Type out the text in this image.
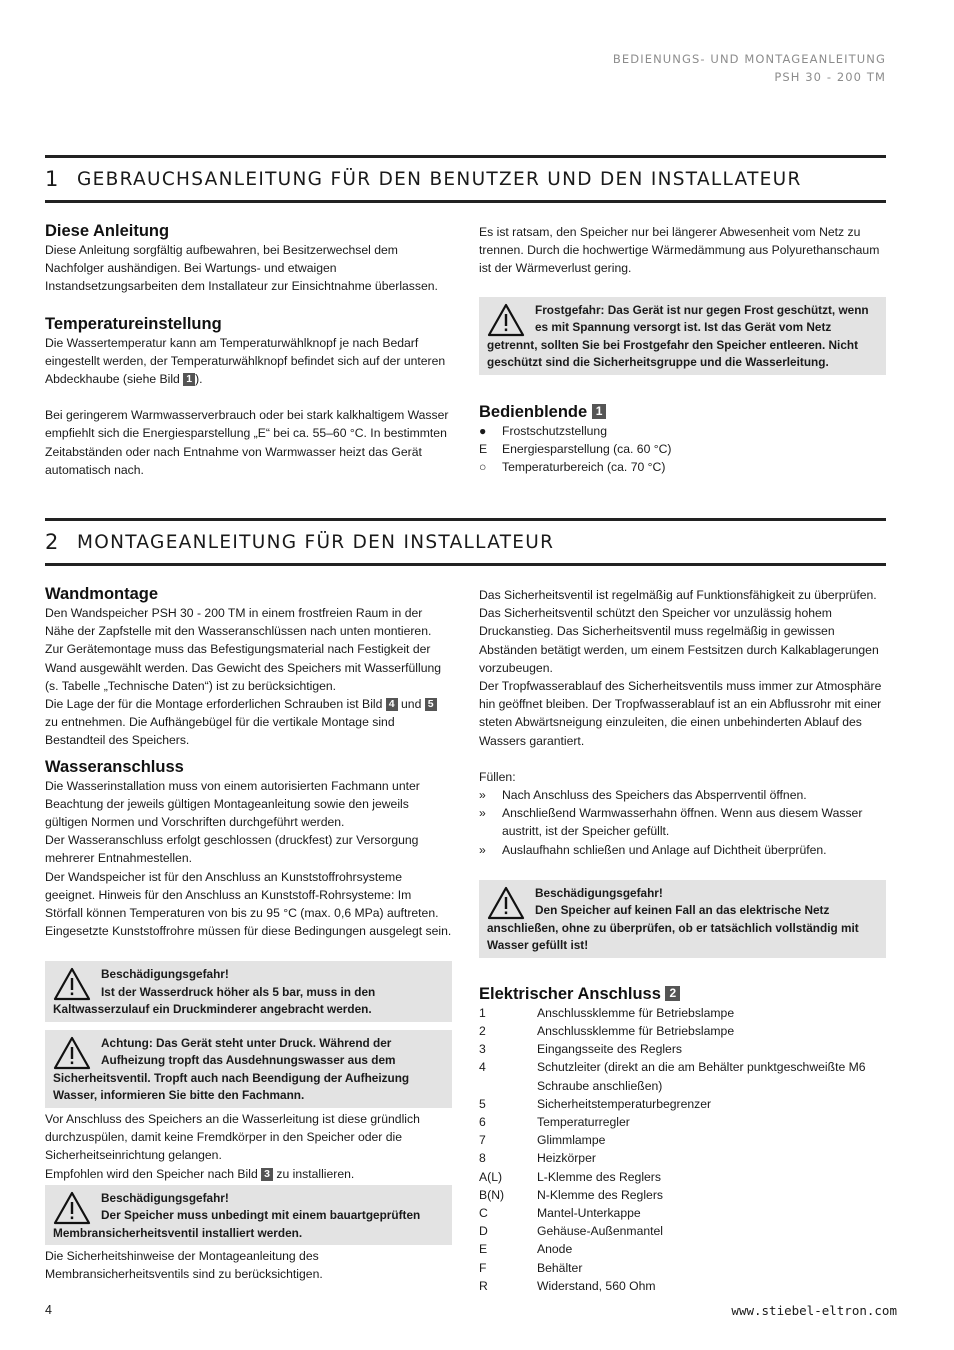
BEDIENUNGS- UND MONTAGEANLEITUNG
PSH 30 - 200 TM
1	GEBRAUCHSANLEITUNG FÜR DEN BENUTZER UND DEN INSTALLATEUR
Diese Anleitung
Diese Anleitung sorgfältig aufbewahren, bei Besitzerwechsel dem Nachfolger aushändigen. Bei Wartungs- und etwaigen Instandsetzungsarbeiten dem Installateur zur Einsichtnahme überlassen.
Temperatureinstellung
Die Wassertemperatur kann am Temperaturwählknopf je nach Bedarf eingestellt werden, der Temperaturwählknopf befindet sich auf der unteren Abdeckhaube (siehe Bild 1 ).
Bei geringerem Warmwasserverbrauch oder bei stark kalkhaltigem Wasser empfiehlt sich die Energiesparstellung „E“ bei ca. 55–60 °C. In bestimmten Zeitabständen oder nach Entnahme von Warmwasser heizt das Gerät automatisch nach.
Es ist ratsam, den Speicher nur bei längerer Abwesenheit vom Netz zu trennen. Durch die hochwertige Wärmedämmung aus Polyurethanschaum ist der Wärmeverlust gering.
Frostgefahr: Das Gerät ist nur gegen Frost geschützt, wenn es mit Spannung versorgt ist. Ist das Gerät vom Netz getrennt, sollten Sie bei Frostgefahr den Speicher entleeren. Nicht geschützt sind die Sicherheitsgruppe und die Wasserleitung.
Bedienblende 1
●	Frostschutzstellung
E	Energiesparstellung (ca. 60 °C)
○	Temperaturbereich (ca. 70 °C)
2	MONTAGEANLEITUNG FÜR DEN INSTALLATEUR
Wandmontage
Den Wandspeicher PSH 30 - 200 TM in einem frostfreien Raum in der Nähe der Zapfstelle mit den Wasseranschlüssen nach unten montieren. Zur Gerätemontage muss das Befestigungsmaterial nach Festigkeit der Wand ausgewählt werden. Das Gewicht des Speichers mit Wasserfüllung (s. Tabelle „Technische Daten“) ist zu berücksichtigen.
Die Lage der für die Montage erforderlichen Schrauben ist Bild 4 und 5 zu entnehmen. Die Aufhängebügel für die vertikale Montage sind Bestandteil des Speichers.
Wasseranschluss
Die Wasserinstallation muss von einem autorisierten Fachmann unter Beachtung der jeweils gültigen Montageanleitung sowie den jeweils gültigen Normen und Vorschriften durchgeführt werden.
Der Wasseranschluss erfolgt geschlossen (druckfest) zur Versorgung mehrerer Entnahmestellen.
Der Wandspeicher ist für den Anschluss an Kunststoffrohrsysteme geeignet. Hinweis für den Anschluss an Kunststoff-Rohrsysteme: Im Störfall können Temperaturen von bis zu 95 °C (max. 0,6 MPa) auftreten. Eingesetzte Kunststoffrohre müssen für diese Bedingungen ausgelegt sein.
Beschädigungsgefahr!
Ist der Wasserdruck höher als 5 bar, muss in den Kaltwasserzulauf ein Druckminderer angebracht werden.
Achtung: Das Gerät steht unter Druck. Während der Aufheizung tropft das Ausdehnungswasser aus dem Sicherheitsventil. Tropft auch nach Beendigung der Aufheizung Wasser, informieren Sie bitte den Fachmann.
Vor Anschluss des Speichers an die Wasserleitung ist diese gründlich durchzuspülen, damit keine Fremdkörper in den Speicher oder die Sicherheitseinrichtung gelangen.
Empfohlen wird den Speicher nach Bild 3 zu installieren.
Beschädigungsgefahr!
Der Speicher muss unbedingt mit einem bauartgeprüften Membransicherheitsventil installiert werden.
Die Sicherheitshinweise der Montageanleitung des Membransicherheitsventils sind zu berücksichtigen.
Das Sicherheitsventil ist regelmäßig auf Funktionsfähigkeit zu überprüfen. Das Sicherheitsventil schützt den Speicher vor unzulässig hohem Druckanstieg. Das Sicherheitsventil muss regelmäßig in gewissen Abständen betätigt werden, um einem Festsitzen durch Kalkablagerungen vorzubeugen.
Der Tropfwasserablauf des Sicherheitsventils muss immer zur Atmosphäre hin geöffnet bleiben. Der Tropfwasserablauf ist an ein Abflussrohr mit einer steten Abwärtsneigung einzuleiten, die einen unbehinderten Ablauf des Wassers garantiert.
Füllen:
»	Nach Anschluss des Speichers das Absperrventil öffnen.
»	Anschließend Warmwasserhahn öffnen. Wenn aus diesem Wasser austritt, ist der Speicher gefüllt.
»	Auslaufhahn schließen und Anlage auf Dichtheit überprüfen.
Beschädigungsgefahr!
Den Speicher auf keinen Fall an das elektrische Netz anschließen, ohne zu überprüfen, ob er tatsächlich vollständig mit Wasser gefüllt ist!
Elektrischer Anschluss 2
1	Anschlussklemme für Betriebslampe
2	Anschlussklemme für Betriebslampe
3	Eingangsseite des Reglers
4	Schutzleiter (direkt an die am Behälter punktgeschweißte M6 Schraube anschließen)
5	Sicherheitstemperaturbegrenzer
6	Temperaturregler
7	Glimmlampe
8	Heizkörper
A(L)	L-Klemme des Reglers
B(N)	N-Klemme des Reglers
C	Mantel-Unterkappe
D	Gehäuse-Außenmantel
E	Anode
F	Behälter
R	Widerstand, 560 Ohm
4	www.stiebel-eltron.com
